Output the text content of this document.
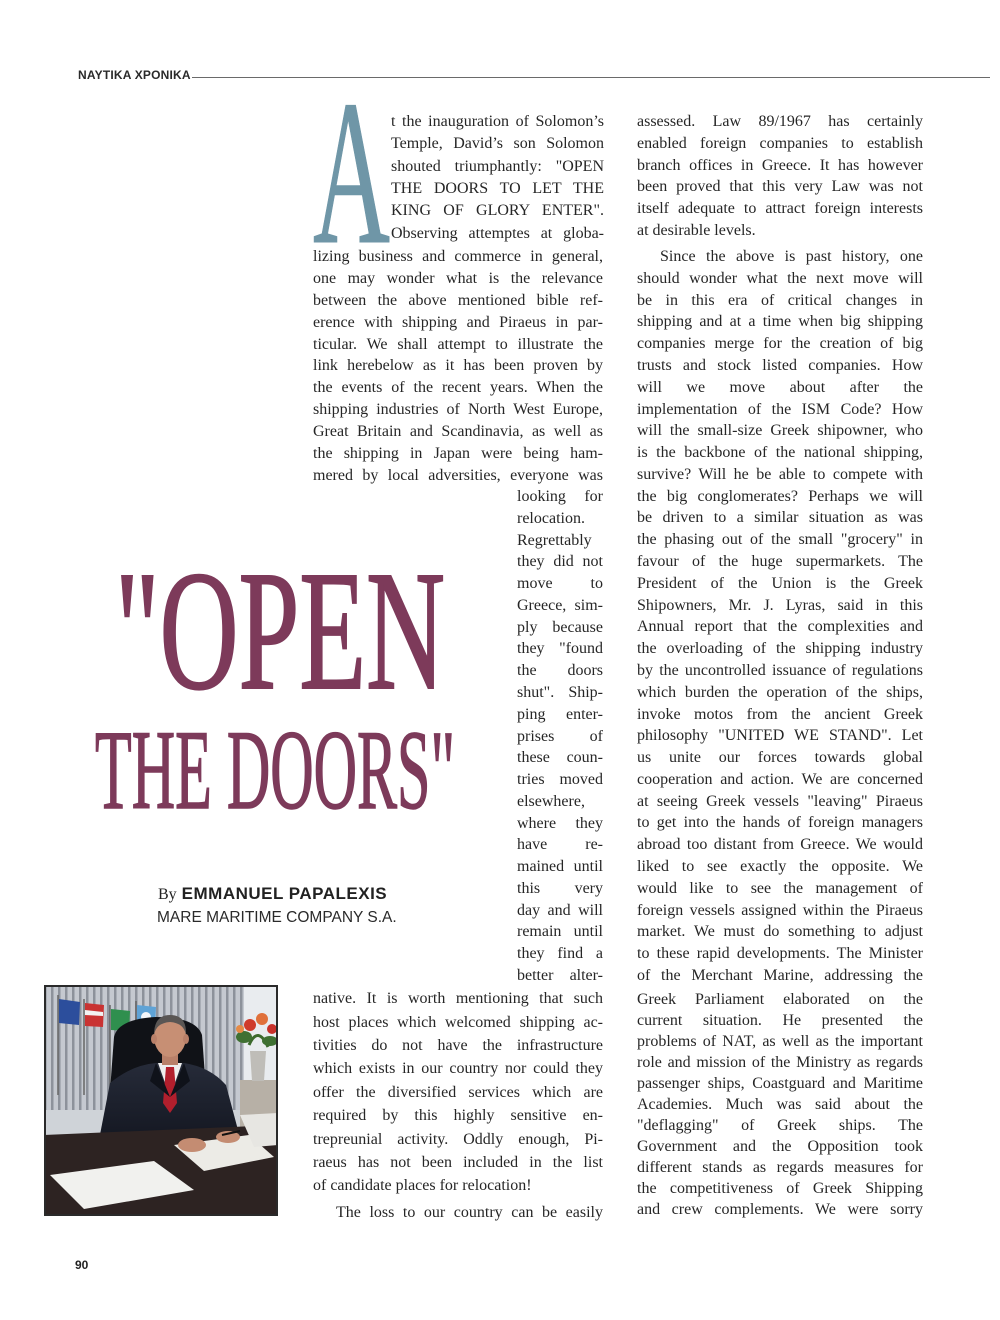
NAYTIKA XPONIKA
"OPEN
THE DOORS"
By EMMANUEL PAPALEXIS
MARE MARITIME COMPANY S.A.
A t the inauguration of Solomon’s
Temple, David’s son Solomon
shouted triumphantly: "OPEN
THE DOORS TO LET THE
KING OF GLORY ENTER".
Observing attemptes at globa-
lizing business and commerce in general,
one may wonder what is the relevance
between the above mentioned bible ref-
erence with shipping and Piraeus in par-
ticular. We shall attempt to illustrate the
link herebelow as it has been proven by
the events of the recent years. When the
shipping industries of North West Europe,
Great Britain and Scandinavia, as well as
the shipping in Japan were being ham-
mered by local adversities, everyone was
looking for
relocation.
Regrettably
they did not
move to
Greece, sim-
ply because
they "found
the doors
shut". Ship-
ping enter-
prises of
these coun-
tries moved
elsewhere,
where they
have re-
mained until
this very
day and will
remain until
they find a
better alter-
native. It is worth mentioning that such
host places which welcomed shipping ac-
tivities do not have the infrastructure
which exists in our country nor could they
offer the diversified services which are
required by this highly sensitive en-
trepreunial activity. Oddly enough, Pi-
raeus has not been included in the list
of candidate places for relocation!
The loss to our country can be easily
assessed. Law 89/1967 has certainly
enabled foreign companies to establish
branch offices in Greece. It has however
been proved that this very Law was not
itself adequate to attract foreign interests
at desirable levels.
Since the above is past history, one
should wonder what the next move will
be in this era of critical changes in
shipping and at a time when big shipping
companies merge for the creation of big
trusts and stock listed companies. How
will we move about after the
implementation of the ISM Code? How
will the small-size Greek shipowner, who
is the backbone of the national shipping,
survive? Will he be able to compete with
the big conglomerates? Perhaps we will
be driven to a similar situation as was
the phasing out of the small "grocery" in
favour of the huge supermarkets. The
President of the Union is the Greek
Shipowners, Mr. J. Lyras, said in this
Annual report that the complexities and
the overloading of the shipping industry
by the uncontrolled issuance of regulations
which burden the operation of the ships,
invoke motos from the ancient Greek
philosophy "UNITED WE STAND". Let
us unite our forces towards global
cooperation and action. We are concerned
at seeing Greek vessels "leaving" Piraeus
to get into the hands of foreign managers
abroad too distant from Greece. We would
liked to see exactly the opposite. We
would like to see the management of
foreign vessels assigned within the Piraeus
market. We must do something to adjust
to these rapid developments. The Minister
of the Merchant Marine, addressing the
Greek Parliament elaborated on the
current situation. He presented the
problems of NAT, as well as the important
role and mission of the Ministry as regards
passenger ships, Coastguard and Maritime
Academies. Much was said about the
"deflagging" of Greek ships. The
Government and the Opposition took
different stands as regards measures for
the competitiveness of Greek Shipping
and crew complements. We were sorry
90
